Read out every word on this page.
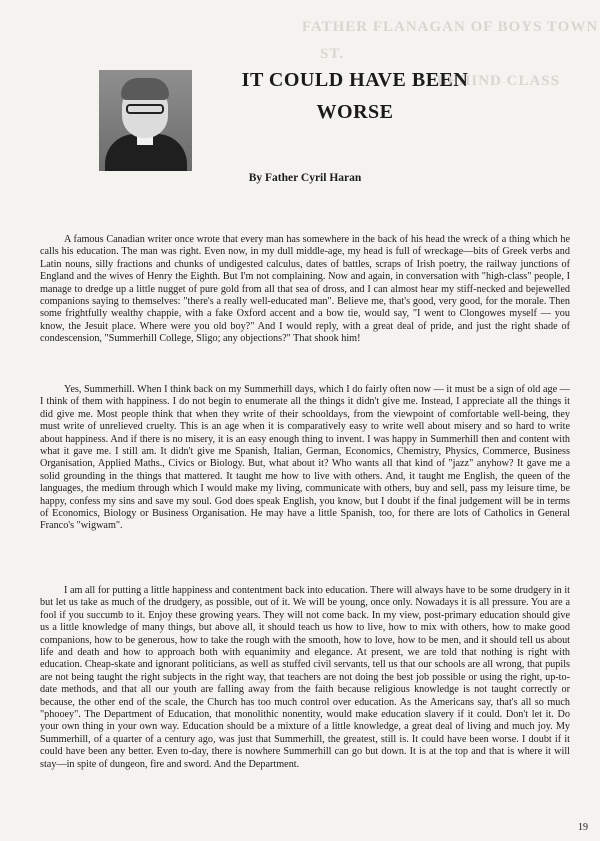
FATHER FLANAGAN OF BOYS TOWN
ST.
BEHIND CLASS
IT COULD HAVE BEEN
WORSE
By Father Cyril Haran

A famous Canadian writer once wrote that every man has somewhere in the back of his head the wreck of a thing which he calls his education. The man was right. Even now, in my dull middle-age, my head is full of wreckage—bits of Greek verbs and Latin nouns, silly fractions and chunks of undigested calculus, dates of battles, scraps of Irish poetry, the railway junctions of England and the wives of Henry the Eighth. But I'm not complaining. Now and again, in conversation with "high-class" people, I manage to dredge up a little nugget of pure gold from all that sea of dross, and I can almost hear my stiff-necked and bejewelled companions saying to themselves: "there's a really well-educated man". Believe me, that's good, very good, for the morale. Then some frightfully wealthy chappie, with a fake Oxford accent and a bow tie, would say, "I went to Clongowes myself — you know, the Jesuit place. Where were you old boy?" And I would reply, with a great deal of pride, and just the right shade of condescension, "Summerhill College, Sligo; any objections?" That shook him!

Yes, Summerhill. When I think back on my Summerhill days, which I do fairly often now — it must be a sign of old age — I think of them with happiness. I do not begin to enumerate all the things it didn't give me. Instead, I appreciate all the things it did give me. Most people think that when they write of their schooldays, from the viewpoint of comfortable well-being, they must write of unrelieved cruelty. This is an age when it is comparatively easy to write well about misery and so hard to write about happiness. And if there is no misery, it is an easy enough thing to invent. I was happy in Summerhill then and content with what it gave me. I still am. It didn't give me Spanish, Italian, German, Economics, Chemistry, Physics, Commerce, Business Organisation, Applied Maths., Civics or Biology. But, what about it? Who wants all that kind of "jazz" anyhow? It gave me a solid grounding in the things that mattered. It taught me how to live with others. And, it taught me English, the queen of the languages, the medium through which I would make my living, communicate with others, buy and sell, pass my leisure time, be happy, confess my sins and save my soul. God does speak English, you know, but I doubt if the final judgement will be in terms of Economics, Biology or Business Organisation. He may have a little Spanish, too, for there are lots of Catholics in General Franco's "wigwam".

I am all for putting a little happiness and contentment back into education. There will always have to be some drudgery in it but let us take as much of the drudgery, as possible, out of it. We will be young, once only. Nowadays it is all pressure. You are a fool if you succumb to it. Enjoy these growing years. They will not come back. In my view, post-primary education should give us a little knowledge of many things, but above all, it should teach us how to live, how to mix with others, how to make good companions, how to be generous, how to take the rough with the smooth, how to love, how to be men, and it should tell us about life and death and how to approach both with equanimity and elegance. At present, we are told that nothing is right with education. Cheap-skate and ignorant politicians, as well as stuffed civil servants, tell us that our schools are all wrong, that pupils are not being taught the right subjects in the right way, that teachers are not doing the best job possible or using the right, up-to-date methods, and that all our youth are falling away from the faith because religious knowledge is not taught correctly or because, the other end of the scale, the Church has too much control over education. As the Americans say, that's all so much "phooey". The Department of Education, that monolithic nonentity, would make education slavery if it could. Don't let it. Do your own thing in your own way. Education should be a mixture of a little knowledge, a great deal of living and much joy. My Summerhill, of a quarter of a century ago, was just that Summerhill, the greatest, still is. It could have been worse. I doubt if it could have been any better. Even to-day, there is nowhere Summerhill can go but down. It is at the top and that is where it will stay—in spite of dungeon, fire and sword. And the Department.

19
